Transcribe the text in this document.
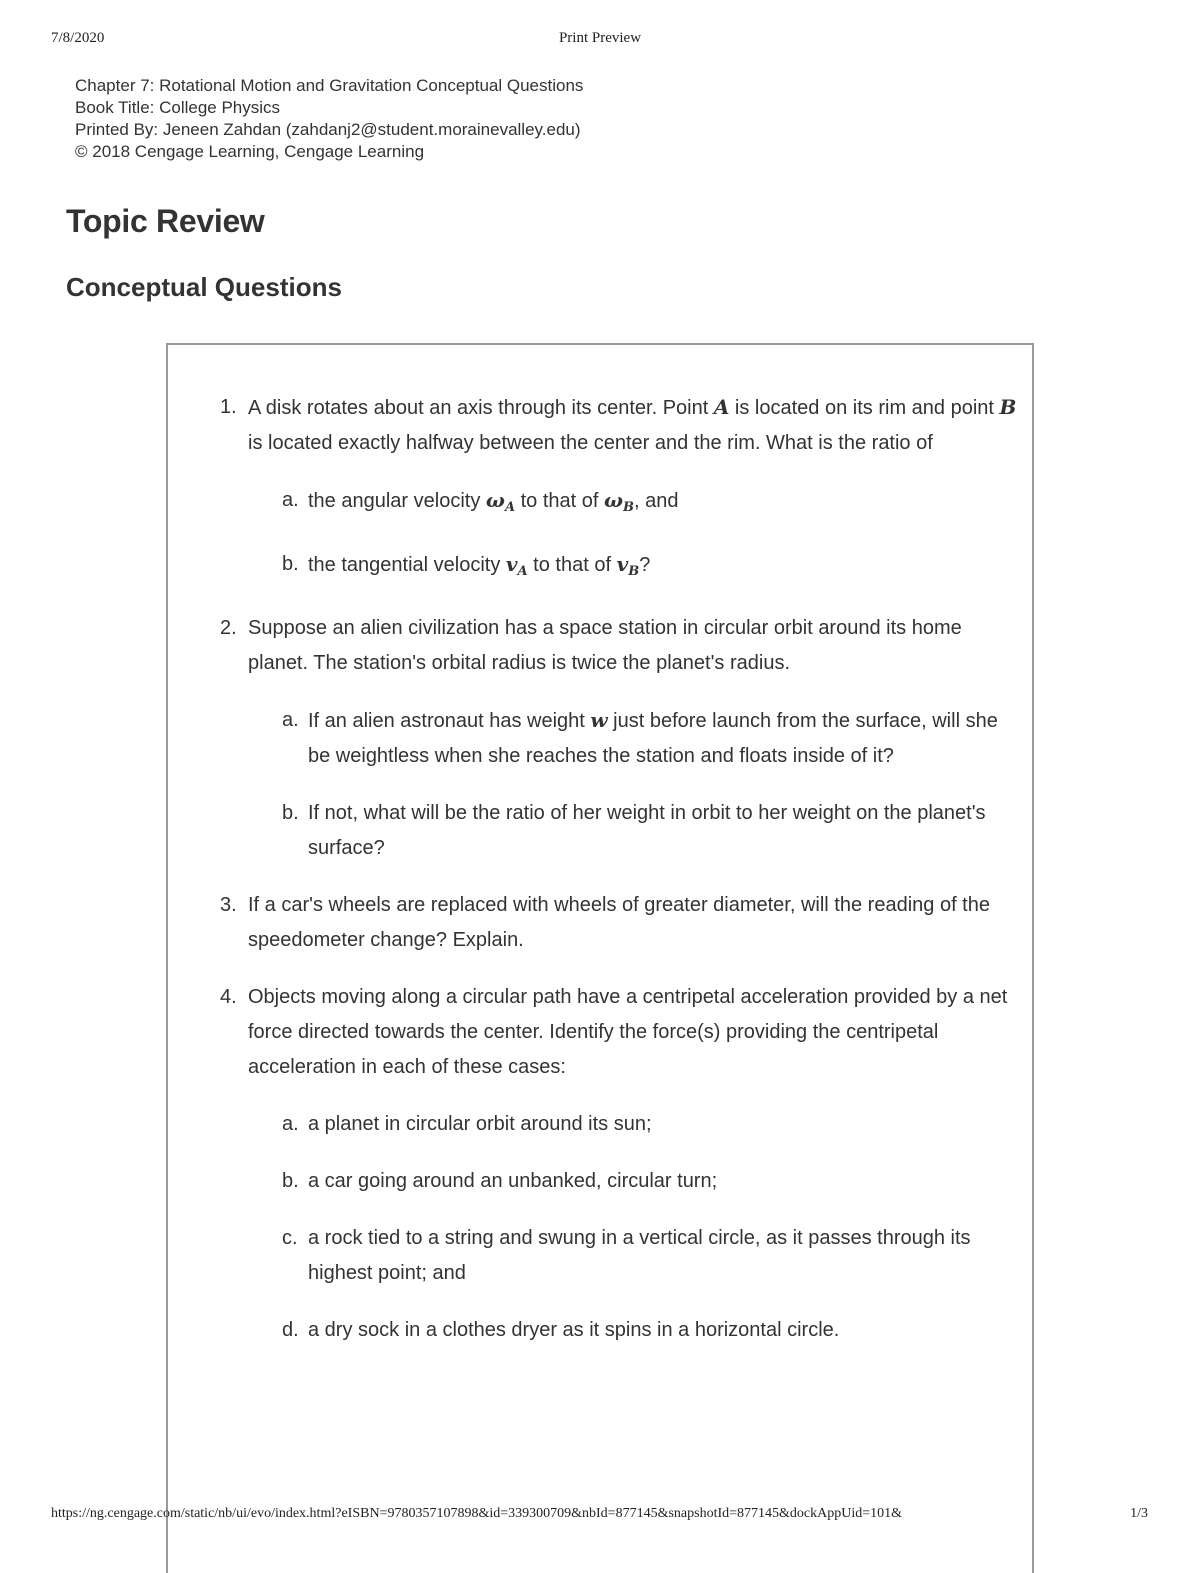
7/8/2020	Print Preview
Chapter 7: Rotational Motion and Gravitation Conceptual Questions
Book Title: College Physics
Printed By: Jeneen Zahdan (zahdanj2@student.morainevalley.edu)
© 2018 Cengage Learning, Cengage Learning
Topic Review
Conceptual Questions
1. A disk rotates about an axis through its center. Point A is located on its rim and point B is located exactly halfway between the center and the rim. What is the ratio of
a. the angular velocity $\omega_A$ to that of $\omega_B$, and
b. the tangential velocity $v_A$ to that of $v_B$?
2. Suppose an alien civilization has a space station in circular orbit around its home planet. The station's orbital radius is twice the planet's radius.
a. If an alien astronaut has weight w just before launch from the surface, will she be weightless when she reaches the station and floats inside of it?
b. If not, what will be the ratio of her weight in orbit to her weight on the planet's surface?
3. If a car's wheels are replaced with wheels of greater diameter, will the reading of the speedometer change? Explain.
4. Objects moving along a circular path have a centripetal acceleration provided by a net force directed towards the center. Identify the force(s) providing the centripetal acceleration in each of these cases:
a. a planet in circular orbit around its sun;
b. a car going around an unbanked, circular turn;
c. a rock tied to a string and swung in a vertical circle, as it passes through its highest point; and
d. a dry sock in a clothes dryer as it spins in a horizontal circle.
https://ng.cengage.com/static/nb/ui/evo/index.html?eISBN=9780357107898&id=339300709&nbId=877145&snapshotId=877145&dockAppUid=101&	1/3
